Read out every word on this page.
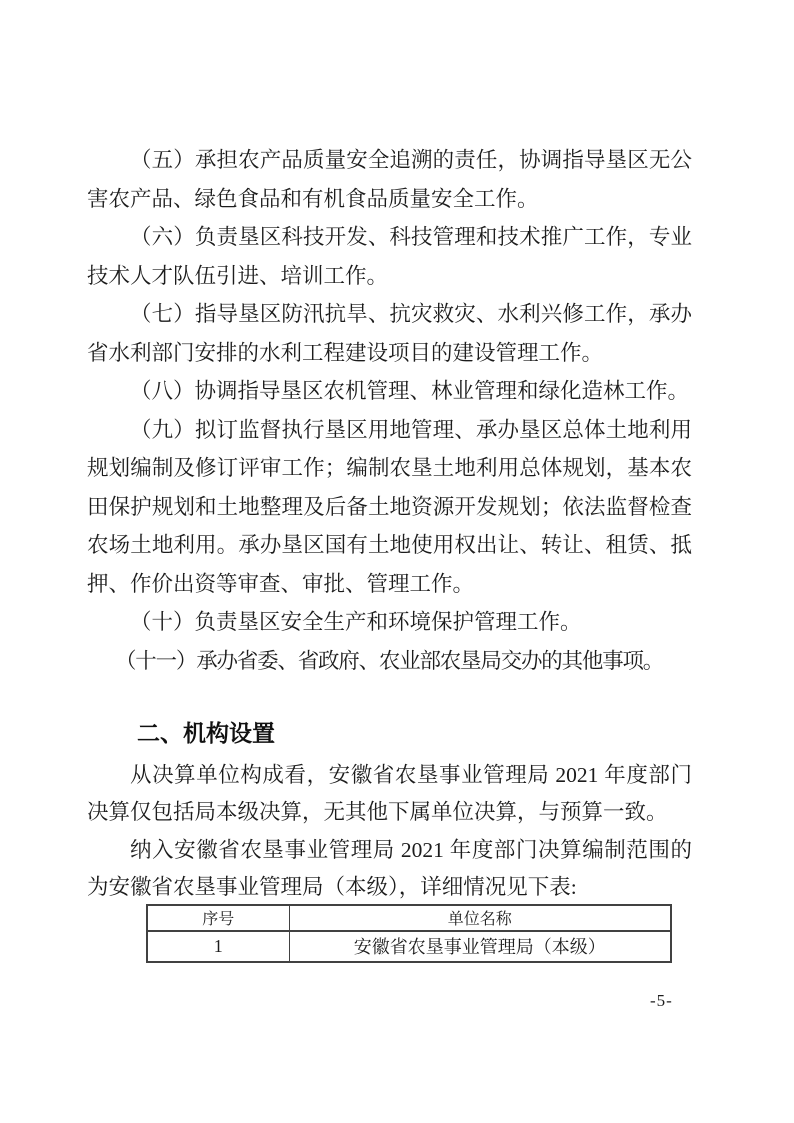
（五）承担农产品质量安全追溯的责任，协调指导垦区无公害农产品、绿色食品和有机食品质量安全工作。

（六）负责垦区科技开发、科技管理和技术推广工作，专业技术人才队伍引进、培训工作。

（七）指导垦区防汛抗旱、抗灾救灾、水利兴修工作，承办省水利部门安排的水利工程建设项目的建设管理工作。

（八）协调指导垦区农机管理、林业管理和绿化造林工作。

（九）拟订监督执行垦区用地管理、承办垦区总体土地利用规划编制及修订评审工作；编制农垦土地利用总体规划，基本农田保护规划和土地整理及后备土地资源开发规划；依法监督检查农场土地利用。承办垦区国有土地使用权出让、转让、租赁、抵押、作价出资等审查、审批、管理工作。

（十）负责垦区安全生产和环境保护管理工作。

（十一）承办省委、省政府、农业部农垦局交办的其他事项。

二、机构设置

从决算单位构成看，安徽省农垦事业管理局 2021 年度部门决算仅包括局本级决算，无其他下属单位决算，与预算一致。

纳入安徽省农垦事业管理局 2021 年度部门决算编制范围的为安徽省农垦事业管理局（本级），详细情况见下表:

序号	单位名称
1	安徽省农垦事业管理局（本级）
-5-
